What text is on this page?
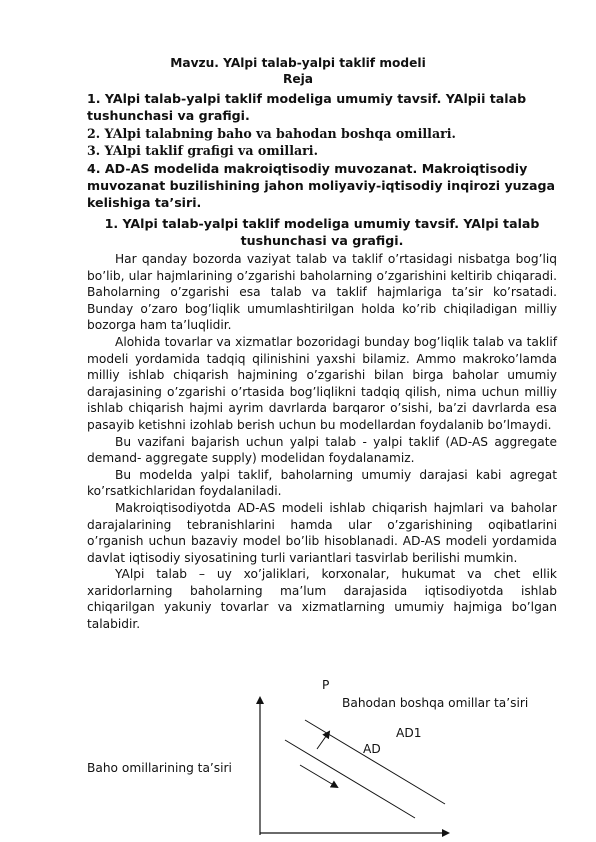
Mavzu. YAlpi talab-yalpi taklif modeli
Reja

1. YAlpi talab-yalpi taklif modeliga umumiy tavsif. YAlpii talab tushunchasi va grafigi.

2. YAlpi talabning baho va bahodan boshqa omillari.

3. YAlpi taklif grafigi va omillari.

4. AD-AS modelida makroiqtisodiy muvozanat. Makroiqtisodiy muvozanat buzilishining jahon moliyaviy-iqtisodiy inqirozi yuzaga kelishiga ta’siri.

1. YAlpi talab-yalpi taklif modeliga umumiy tavsif. YAlpi talab tushunchasi va grafigi.

Har qanday bozorda vaziyat talab va taklif o’rtasidagi nisbatga bog’liq bo’lib, ular hajmlarining o’zgarishi baholarning o’zgarishini keltirib chiqaradi. Baholarning o’zgarishi esa talab va taklif hajmlariga ta’sir ko’rsatadi. Bunday o’zaro bog’liqlik umumlashtirilgan holda ko’rib chiqiladigan milliy bozorga ham ta’luqlidir.

Alohida tovarlar va xizmatlar bozoridagi bunday bog’liqlik talab va taklif modeli yordamida tadqiq qilinishini yaxshi bilamiz. Ammo makroko’lamda milliy ishlab chiqarish hajmining o’zgarishi bilan birga baholar umumiy darajasining o’zgarishi o’rtasida bog’liqlikni tadqiq qilish, nima uchun milliy ishlab chiqarish hajmi ayrim davrlarda barqaror o’sishi, ba’zi davrlarda esa pasayib ketishni izohlab berish uchun bu modellardan foydalanib bo’lmaydi.

Bu vazifani bajarish uchun yalpi talab - yalpi taklif (AD-AS aggregate demand- aggregate supply) modelidan foydalanamiz.

Bu modelda yalpi taklif, baholarning umumiy darajasi kabi agregat ko’rsatkichlaridan foydalaniladi.

Makroiqtisodiyotda AD-AS modeli ishlab chiqarish hajmlari va baholar darajalarining tebranishlarini hamda ular o’zgarishining oqibatlarini o’rganish uchun bazaviy model bo’lib hisoblanadi. AD-AS modeli yordamida davlat iqtisodiy siyosatining turli variantlari tasvirlab berilishi mumkin.

YAlpi talab – uy xo’jaliklari, korxonalar, hukumat va chet ellik xaridorlarning baholarning ma’lum darajasida iqtisodiyotda ishlab chiqarilgan yakuniy tovarlar va xizmatlarning umumiy hajmiga bo’lgan talabidir.

P
Bahodan boshqa omillar ta’siri
AD1
AD
Baho omillarining ta’siri
